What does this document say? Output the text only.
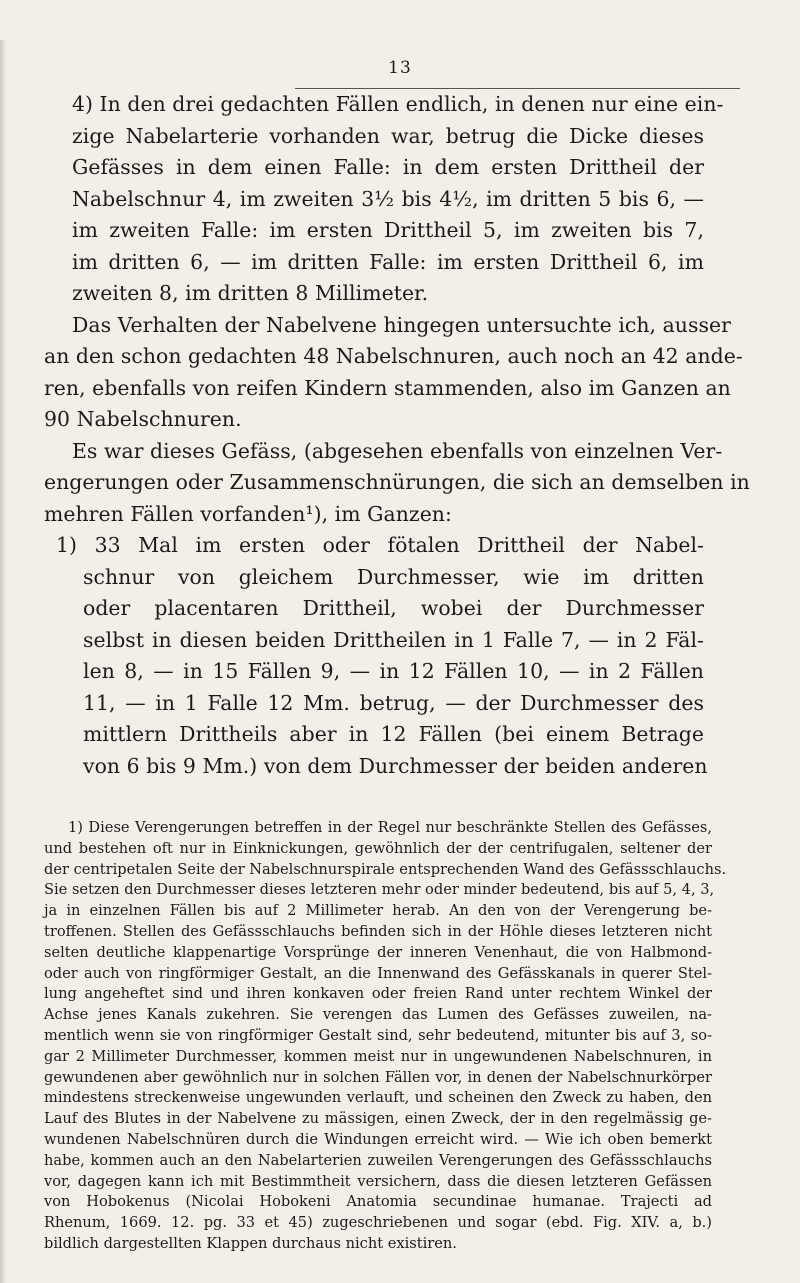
13
4) In den drei gedachten Fällen endlich, in denen nur eine ein-
zige Nabelarterie vorhanden war, betrug die Dicke dieses
Gefässes in dem einen Falle: in dem ersten Drittheil der
Nabelschnur 4, im zweiten 3½ bis 4½, im dritten 5 bis 6, —
im zweiten Falle: im ersten Drittheil 5, im zweiten bis 7,
im dritten 6, — im dritten Falle: im ersten Drittheil 6, im
zweiten 8, im dritten 8 Millimeter.
Das Verhalten der Nabelvene hingegen untersuchte ich, ausser
an den schon gedachten 48 Nabelschnuren, auch noch an 42 ande-
ren, ebenfalls von reifen Kindern stammenden, also im Ganzen an
90 Nabelschnuren.
Es war dieses Gefäss, (abgesehen ebenfalls von einzelnen Ver-
engerungen oder Zusammenschnürungen, die sich an demselben in
mehren Fällen vorfanden¹), im Ganzen:
1) 33 Mal im ersten oder fötalen Drittheil der Nabel-
schnur von gleichem Durchmesser, wie im dritten
oder placentaren Drittheil, wobei der Durchmesser
selbst in diesen beiden Drittheilen in 1 Falle 7, — in 2 Fäl-
len 8, — in 15 Fällen 9, — in 12 Fällen 10, — in 2 Fällen
11, — in 1 Falle 12 Mm. betrug, — der Durchmesser des
mittlern Drittheils aber in 12 Fällen (bei einem Betrage
von 6 bis 9 Mm.) von dem Durchmesser der beiden anderen
1) Diese Verengerungen betreffen in der Regel nur beschränkte Stellen des Gefässes,
und bestehen oft nur in Einknickungen, gewöhnlich der der centrifugalen, seltener der
der centripetalen Seite der Nabelschnurspirale entsprechenden Wand des Gefässschlauchs.
Sie setzen den Durchmesser dieses letzteren mehr oder minder bedeutend, bis auf 5, 4, 3,
ja in einzelnen Fällen bis auf 2 Millimeter herab. An den von der Verengerung be-
troffenen. Stellen des Gefässschlauchs befinden sich in der Höhle dieses letzteren nicht
selten deutliche klappenartige Vorsprünge der inneren Venenhaut, die von Halbmond-
oder auch von ringförmiger Gestalt, an die Innenwand des Gefässkanals in querer Stel-
lung angeheftet sind und ihren konkaven oder freien Rand unter rechtem Winkel der
Achse jenes Kanals zukehren. Sie verengen das Lumen des Gefässes zuweilen, na-
mentlich wenn sie von ringförmiger Gestalt sind, sehr bedeutend, mitunter bis auf 3, so-
gar 2 Millimeter Durchmesser, kommen meist nur in ungewundenen Nabelschnuren, in
gewundenen aber gewöhnlich nur in solchen Fällen vor, in denen der Nabelschnurkörper
mindestens streckenweise ungewunden verlauft, und scheinen den Zweck zu haben, den
Lauf des Blutes in der Nabelvene zu mässigen, einen Zweck, der in den regelmässig ge-
wundenen Nabelschnüren durch die Windungen erreicht wird. — Wie ich oben bemerkt
habe, kommen auch an den Nabelarterien zuweilen Verengerungen des Gefässschlauchs
vor, dagegen kann ich mit Bestimmtheit versichern, dass die diesen letzteren Gefässen
von Hobokenus (Nicolai Hobokeni Anatomia secundinae humanae. Trajecti ad
Rhenum, 1669. 12. pg. 33 et 45) zugeschriebenen und sogar (ebd. Fig. XIV. a, b.)
bildlich dargestellten Klappen durchaus nicht existiren.
